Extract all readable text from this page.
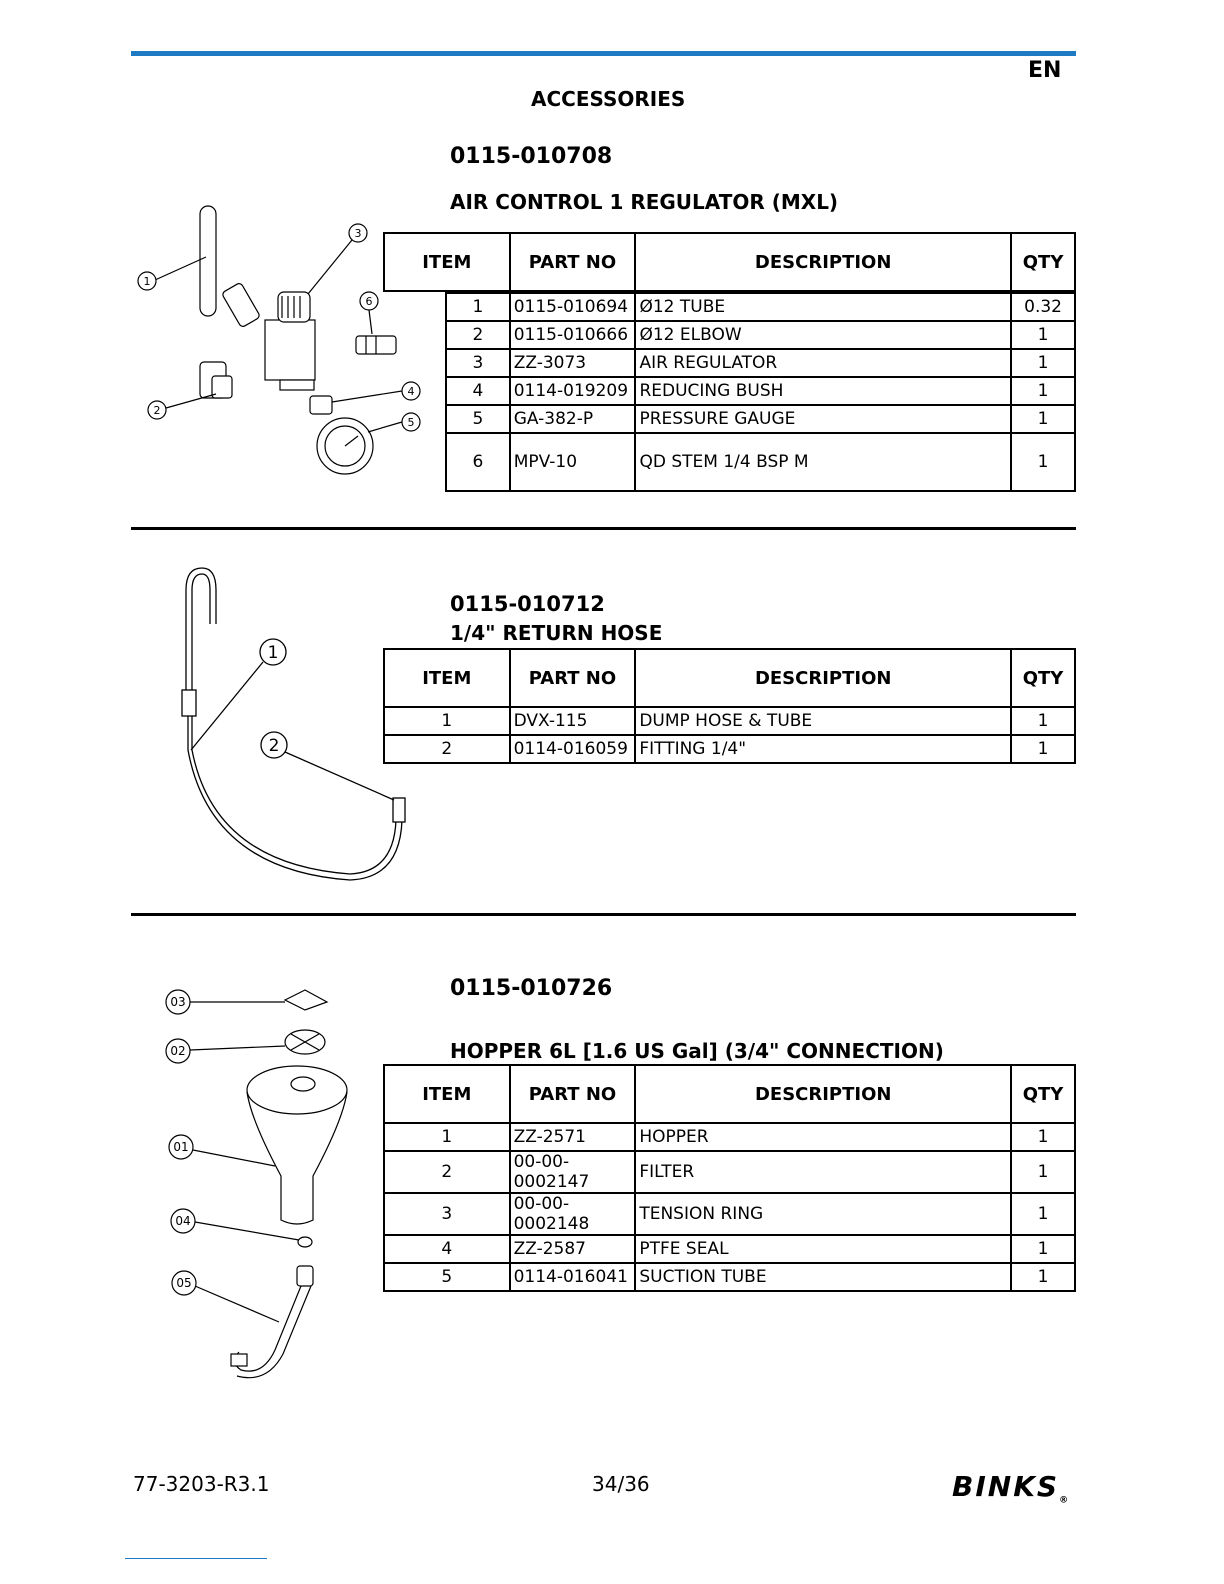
EN
ACCESSORIES
0115-010708
AIR CONTROL 1 REGULATOR (MXL)
1
2
3
4
5
6
ITEM	PART NO	DESCRIPTION	QTY
1	0115-010694	Ø12 TUBE	0.32
2	0115-010666	Ø12 ELBOW	1
3	ZZ-3073	AIR REGULATOR	1
4	0114-019209	REDUCING BUSH	1
5	GA-382-P	PRESSURE GAUGE	1
6	MPV-10	QD STEM 1/4 BSP M	1
1
2
0115-010712
1/4" RETURN HOSE
ITEM	PART NO	DESCRIPTION	QTY
1	DVX-115	DUMP HOSE & TUBE	1
2	0114-016059	FITTING 1/4"	1
03
02
01
04
05
0115-010726
HOPPER 6L [1.6 US Gal] (3/4" CONNECTION)
ITEM	PART NO	DESCRIPTION	QTY
1	ZZ-2571	HOPPER	1
2	00-00-0002147	FILTER	1
3	00-00-0002148	TENSION RING	1
4	ZZ-2587	PTFE SEAL	1
5	0114-016041	SUCTION TUBE	1
77-3203-R3.1	34/36	$BINKS_®$
